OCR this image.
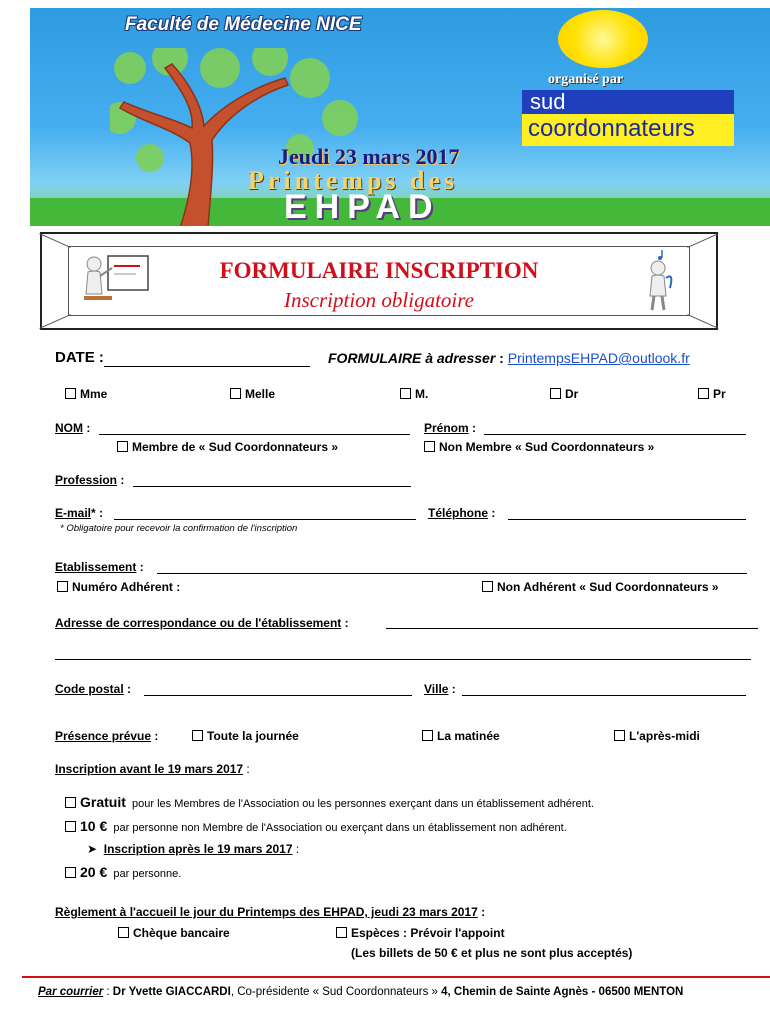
Faculté de Médecine NICE
organisé par
sud
coordonnateurs
Jeudi 23 mars 2017
Printemps des
EHPAD
FORMULAIRE INSCRIPTION
Inscription obligatoire
DATE :	FORMULAIRE à adresser : PrintempsEHPAD@outlook.fr
Mme	Melle	M.	Dr	Pr
NOM :	Prénom :
Membre de « Sud Coordonnateurs »	Non Membre « Sud Coordonnateurs »
Profession :
E-mail* :
* Obligatoire pour recevoir la confirmation de l'inscription
Téléphone :
Etablissement :
Numéro Adhérent :	Non Adhérent « Sud Coordonnateurs »
Adresse de correspondance ou de l'établissement :
Code postal :	Ville :
Présence prévue :	Toute la journée	La matinée	L'après-midi
Inscription avant le 19 mars 2017 :
Gratuit pour les Membres de l'Association ou les personnes exerçant dans un établissement adhérent.
10 € par personne non Membre de l'Association ou exerçant dans un établissement non adhérent.
➤ Inscription après le 19 mars 2017 :
20 € par personne.
Règlement à l'accueil le jour du Printemps des EHPAD, jeudi 23 mars 2017 :
Chèque bancaire	Espèces : Prévoir l'appoint
(Les billets de 50 € et plus ne sont plus acceptés)
Par courrier : Dr Yvette GIACCARDI, Co-présidente « Sud Coordonnateurs » 4, Chemin de Sainte Agnès - 06500 MENTON
